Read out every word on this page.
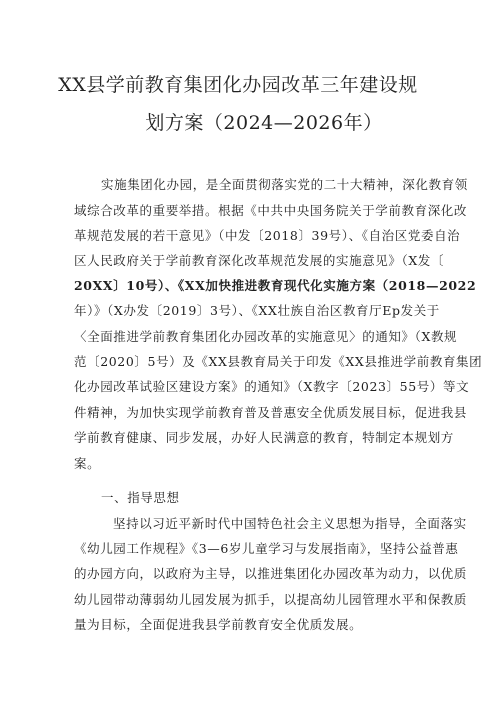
XX县学前教育集团化办园改革三年建设规
划方案（2024—2026年）
实施集团化办园，是全面贯彻落实党的二十大精神，深化教育领
域综合改革的重要举措。根据《中共中央国务院关于学前教育深化改
革规范发展的若干意见》（中发〔2018〕39号）、《自治区党委自治
区人民政府关于学前教育深化改革规范发展的实施意见》（X发〔
20XX〕10号）、《XX加快推进教育现代化实施方案（2018—2022
年）》（X办发〔2019〕3号）、《XX壮族自治区教育厅Ep发关于
〈全面推进学前教育集团化办园改革的实施意见〉的通知》（X教规
范〔2020〕5号）及《XX县教育局关于印发《XX县推进学前教育集团
化办园改革试验区建设方案》的通知》（X教字〔2023〕55号）等文
件精神，为加快实现学前教育普及普惠安全优质发展目标，促进我县
学前教育健康、同步发展，办好人民满意的教育，特制定本规划方
案。
一、指导思想
坚持以习近平新时代中国特色社会主义思想为指导，全面落实
《幼儿园工作规程》《3—6岁儿童学习与发展指南》，坚持公益普惠
的办园方向，以政府为主导，以推进集团化办园改革为动力，以优质
幼儿园带动薄弱幼儿园发展为抓手，以提高幼儿园管理水平和保教质
量为目标，全面促进我县学前教育安全优质发展。
